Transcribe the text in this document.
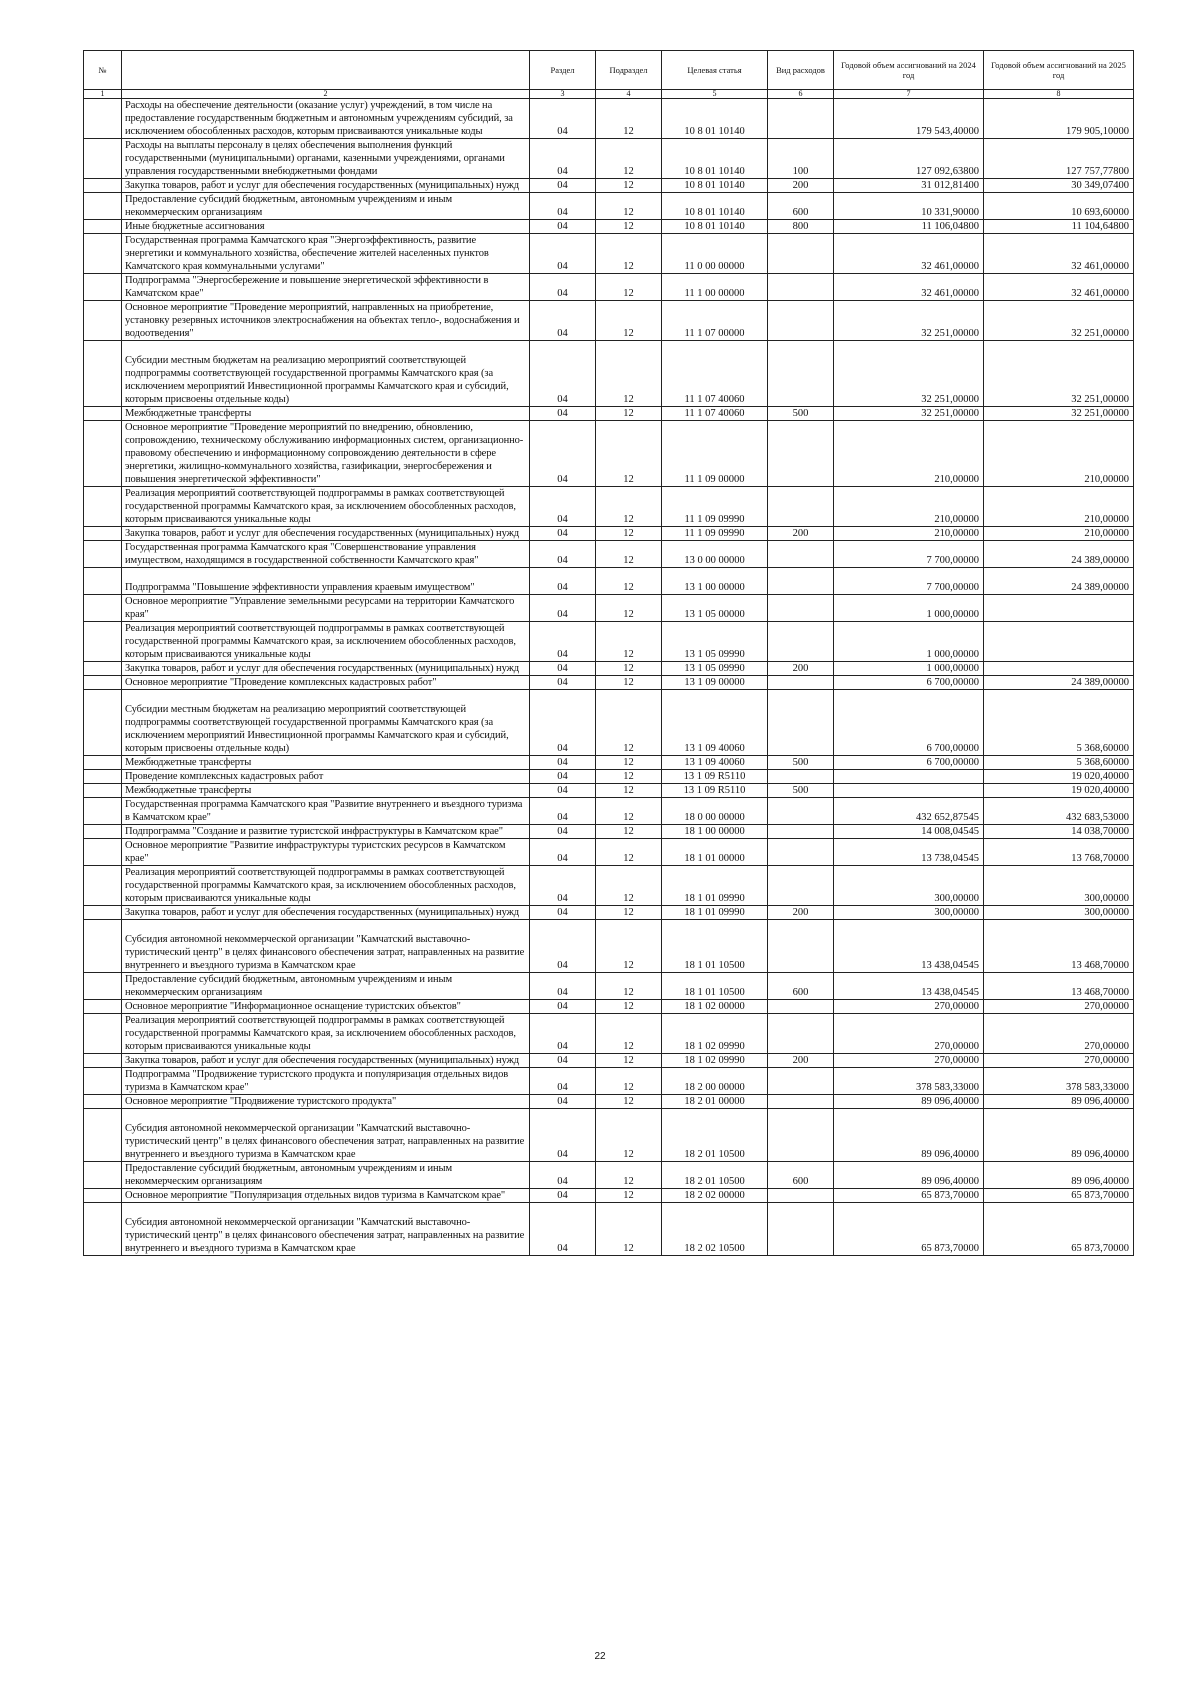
№		Раздел	Подраздел	Целевая статья	Вид расходов	Годовой объем ассигнований на 2024 год	Годовой объем ассигнований на 2025 год
1	2	3	4	5	6	7	8
	Расходы на обеспечение деятельности (оказание услуг) учреждений, в том числе на предоставление государственным бюджетным и автономным учреждениям субсидий, за исключением обособленных расходов, которым присваиваются уникальные коды	04	12	10 8 01 10140		179 543,40000	179 905,10000
	Расходы на выплаты персоналу в целях обеспечения выполнения функций государственными (муниципальными) органами, казенными учреждениями, органами управления государственными внебюджетными фондами	04	12	10 8 01 10140	100	127 092,63800	127 757,77800
	Закупка товаров, работ и услуг для обеспечения государственных (муниципальных) нужд	04	12	10 8 01 10140	200	31 012,81400	30 349,07400
	Предоставление субсидий бюджетным, автономным учреждениям и иным некоммерческим организациям	04	12	10 8 01 10140	600	10 331,90000	10 693,60000
	Иные бюджетные ассигнования	04	12	10 8 01 10140	800	11 106,04800	11 104,64800
	Государственная программа Камчатского края "Энергоэффективность, развитие энергетики и коммунального хозяйства, обеспечение жителей населенных пунктов Камчатского края коммунальными услугами"	04	12	11 0 00 00000		32 461,00000	32 461,00000
	Подпрограмма "Энергосбережение и повышение энергетической эффективности в Камчатском крае"	04	12	11 1 00 00000		32 461,00000	32 461,00000
	Основное мероприятие "Проведение мероприятий, направленных на приобретение, установку резервных источников электроснабжения на объектах тепло-, водоснабжения и водоотведения"	04	12	11 1 07 00000		32 251,00000	32 251,00000
	Субсидии местным бюджетам на реализацию мероприятий соответствующей подпрограммы соответствующей государственной программы Камчатского края (за исключением мероприятий Инвестиционной программы Камчатского края и субсидий, которым присвоены отдельные коды)	04	12	11 1 07 40060		32 251,00000	32 251,00000
	Межбюджетные трансферты	04	12	11 1 07 40060	500	32 251,00000	32 251,00000
	Основное мероприятие "Проведение мероприятий по внедрению, обновлению, сопровождению, техническому обслуживанию информационных систем, организационно-правовому обеспечению и информационному сопровождению деятельности в сфере энергетики, жилищно-коммунального хозяйства, газификации, энергосбережения и повышения энергетической эффективности"	04	12	11 1 09 00000		210,00000	210,00000
	Реализация мероприятий соответствующей подпрограммы в рамках соответствующей государственной программы Камчатского края, за исключением обособленных расходов, которым присваиваются уникальные коды	04	12	11 1 09 09990		210,00000	210,00000
	Закупка товаров, работ и услуг для обеспечения государственных (муниципальных) нужд	04	12	11 1 09 09990	200	210,00000	210,00000
	Государственная программа Камчатского края "Совершенствование управления имуществом, находящимся в государственной собственности Камчатского края"	04	12	13 0 00 00000		7 700,00000	24 389,00000
	Подпрограмма "Повышение эффективности управления краевым имуществом"	04	12	13 1 00 00000		7 700,00000	24 389,00000
	Основное мероприятие "Управление земельными ресурсами на территории Камчатского края"	04	12	13 1 05 00000		1 000,00000	
	Реализация мероприятий соответствующей подпрограммы в рамках соответствующей государственной программы Камчатского края, за исключением обособленных расходов, которым присваиваются уникальные коды	04	12	13 1 05 09990		1 000,00000	
	Закупка товаров, работ и услуг для обеспечения государственных (муниципальных) нужд	04	12	13 1 05 09990	200	1 000,00000	
	Основное мероприятие "Проведение комплексных кадастровых работ"	04	12	13 1 09 00000		6 700,00000	24 389,00000
	Субсидии местным бюджетам на реализацию мероприятий соответствующей подпрограммы соответствующей государственной программы Камчатского края (за исключением мероприятий Инвестиционной программы Камчатского края и субсидий, которым присвоены отдельные коды)	04	12	13 1 09 40060		6 700,00000	5 368,60000
	Межбюджетные трансферты	04	12	13 1 09 40060	500	6 700,00000	5 368,60000
	Проведение комплексных кадастровых работ	04	12	13 1 09 R5110			19 020,40000
	Межбюджетные трансферты	04	12	13 1 09 R5110	500		19 020,40000
	Государственная программа Камчатского края "Развитие внутреннего и въездного туризма в Камчатском крае"	04	12	18 0 00 00000		432 652,87545	432 683,53000
	Подпрограмма "Создание и развитие туристской инфраструктуры в Камчатском крае"	04	12	18 1 00 00000		14 008,04545	14 038,70000
	Основное мероприятие "Развитие инфраструктуры туристских ресурсов в Камчатском крае"	04	12	18 1 01 00000		13 738,04545	13 768,70000
	Реализация мероприятий соответствующей подпрограммы в рамках соответствующей государственной программы Камчатского края, за исключением обособленных расходов, которым присваиваются уникальные коды	04	12	18 1 01 09990		300,00000	300,00000
	Закупка товаров, работ и услуг для обеспечения государственных (муниципальных) нужд	04	12	18 1 01 09990	200	300,00000	300,00000
	Субсидия автономной некоммерческой организации "Камчатский выставочно-туристический центр" в целях финансового обеспечения затрат, направленных на развитие внутреннего и въездного туризма в Камчатском крае	04	12	18 1 01 10500		13 438,04545	13 468,70000
	Предоставление субсидий бюджетным, автономным учреждениям и иным некоммерческим организациям	04	12	18 1 01 10500	600	13 438,04545	13 468,70000
	Основное мероприятие "Информационное оснащение туристских объектов"	04	12	18 1 02 00000		270,00000	270,00000
	Реализация мероприятий соответствующей подпрограммы в рамках соответствующей государственной программы Камчатского края, за исключением обособленных расходов, которым присваиваются уникальные коды	04	12	18 1 02 09990		270,00000	270,00000
	Закупка товаров, работ и услуг для обеспечения государственных (муниципальных) нужд	04	12	18 1 02 09990	200	270,00000	270,00000
	Подпрограмма "Продвижение туристского продукта и популяризация отдельных видов туризма в Камчатском крае"	04	12	18 2 00 00000		378 583,33000	378 583,33000
	Основное мероприятие "Продвижение туристского продукта"	04	12	18 2 01 00000		89 096,40000	89 096,40000
	Субсидия автономной некоммерческой организации "Камчатский выставочно-туристический центр" в целях финансового обеспечения затрат, направленных на развитие внутреннего и въездного туризма в Камчатском крае	04	12	18 2 01 10500		89 096,40000	89 096,40000
	Предоставление субсидий бюджетным, автономным учреждениям и иным некоммерческим организациям	04	12	18 2 01 10500	600	89 096,40000	89 096,40000
	Основное мероприятие "Популяризация отдельных видов туризма в Камчатском крае"	04	12	18 2 02 00000		65 873,70000	65 873,70000
	Субсидия автономной некоммерческой организации "Камчатский выставочно-туристический центр" в целях финансового обеспечения затрат, направленных на развитие внутреннего и въездного туризма в Камчатском крае	04	12	18 2 02 10500		65 873,70000	65 873,70000
22
